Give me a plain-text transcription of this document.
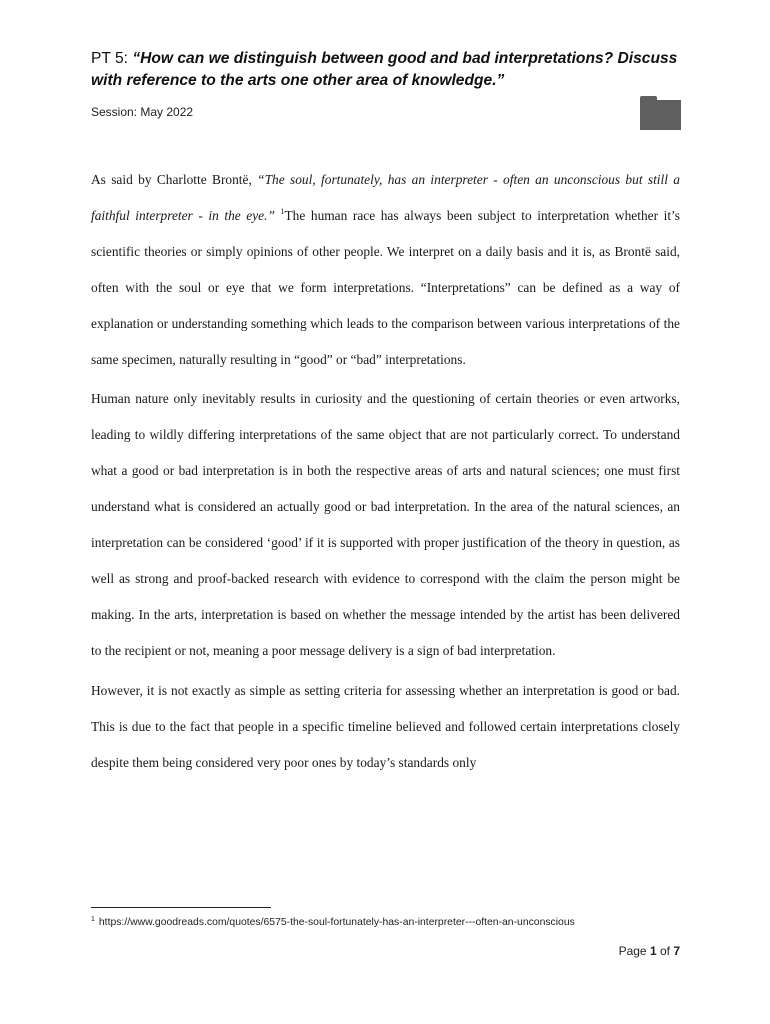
PT 5: “How can we distinguish between good and bad interpretations? Discuss with reference to the arts one other area of knowledge.”
Session: May 2022

As said by Charlotte Brontë, “The soul, fortunately, has an interpreter - often an unconscious but still a faithful interpreter - in the eye.” $^1$The human race has always been subject to interpretation whether it’s scientific theories or simply opinions of other people. We interpret on a daily basis and it is, as Brontë said, often with the soul or eye that we form interpretations. “Interpretations” can be defined as a way of explanation or understanding something which leads to the comparison between various interpretations of the same specimen, naturally resulting in “good” or “bad” interpretations.

Human nature only inevitably results in curiosity and the questioning of certain theories or even artworks, leading to wildly differing interpretations of the same object that are not particularly correct. To understand what a good or bad interpretation is in both the respective areas of arts and natural sciences; one must first understand what is considered an actually good or bad interpretation. In the area of the natural sciences, an interpretation can be considered ‘good’ if it is supported with proper justification of the theory in question, as well as strong and proof-backed research with evidence to correspond with the claim the person might be making. In the arts, interpretation is based on whether the message intended by the artist has been delivered to the recipient or not, meaning a poor message delivery is a sign of bad interpretation.

However, it is not exactly as simple as setting criteria for assessing whether an interpretation is good or bad. This is due to the fact that people in a specific timeline believed and followed certain interpretations closely despite them being considered very poor ones by today’s standards only

$^1$ https://www.goodreads.com/quotes/6575-the-soul-fortunately-has-an-interpreter---often-an-unconscious
Page 1 of 7
